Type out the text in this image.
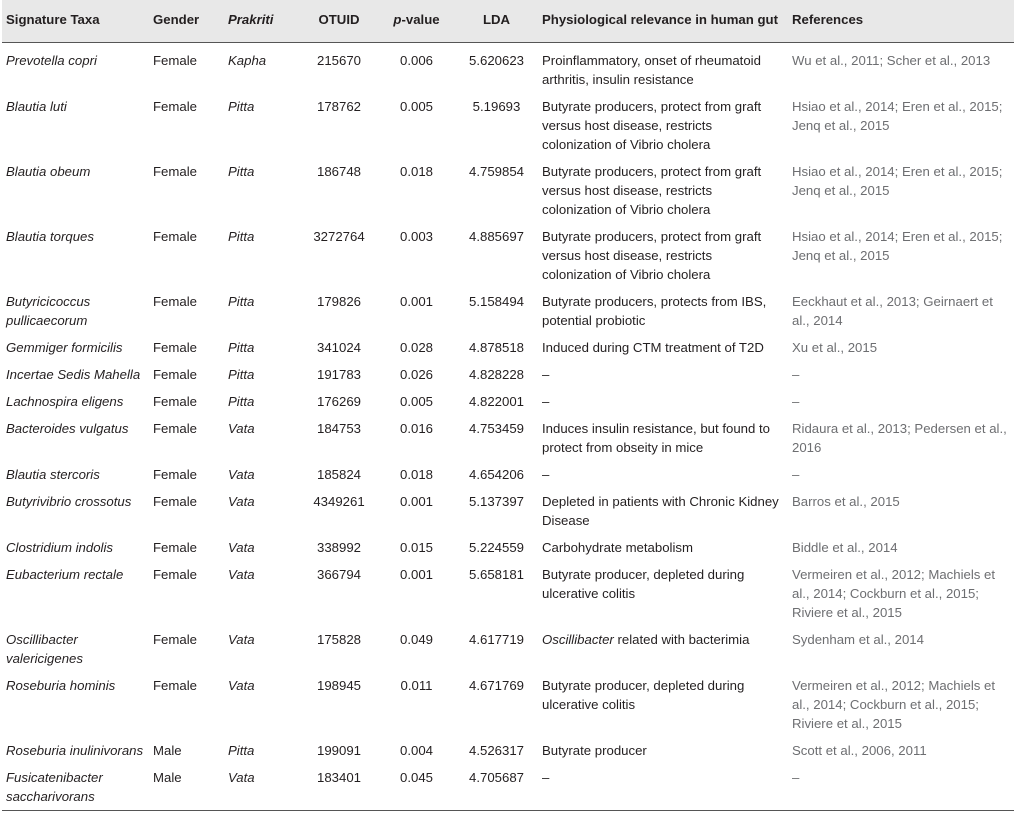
Signature Taxa	Gender	Prakriti	OTUID	p-value	LDA	Physiological relevance in human gut	References
Prevotella copri	Female	Kapha	215670	0.006	5.620623	Proinflammatory, onset of rheumatoid arthritis, insulin resistance	Wu et al., 2011; Scher et al., 2013
Blautia luti	Female	Pitta	178762	0.005	5.19693	Butyrate producers, protect from graft versus host disease, restricts colonization of Vibrio cholera	Hsiao et al., 2014; Eren et al., 2015; Jenq et al., 2015
Blautia obeum	Female	Pitta	186748	0.018	4.759854	Butyrate producers, protect from graft versus host disease, restricts colonization of Vibrio cholera	Hsiao et al., 2014; Eren et al., 2015; Jenq et al., 2015
Blautia torques	Female	Pitta	3272764	0.003	4.885697	Butyrate producers, protect from graft versus host disease, restricts colonization of Vibrio cholera	Hsiao et al., 2014; Eren et al., 2015; Jenq et al., 2015
Butyricicoccus pullicaecorum	Female	Pitta	179826	0.001	5.158494	Butyrate producers, protects from IBS, potential probiotic	Eeckhaut et al., 2013; Geirnaert et al., 2014
Gemmiger formicilis	Female	Pitta	341024	0.028	4.878518	Induced during CTM treatment of T2D	Xu et al., 2015
Incertae Sedis Mahella	Female	Pitta	191783	0.026	4.828228	–	–
Lachnospira eligens	Female	Pitta	176269	0.005	4.822001	–	–
Bacteroides vulgatus	Female	Vata	184753	0.016	4.753459	Induces insulin resistance, but found to protect from obseity in mice	Ridaura et al., 2013; Pedersen et al., 2016
Blautia stercoris	Female	Vata	185824	0.018	4.654206	–	–
Butyrivibrio crossotus	Female	Vata	4349261	0.001	5.137397	Depleted in patients with Chronic Kidney Disease	Barros et al., 2015
Clostridium indolis	Female	Vata	338992	0.015	5.224559	Carbohydrate metabolism	Biddle et al., 2014
Eubacterium rectale	Female	Vata	366794	0.001	5.658181	Butyrate producer, depleted during ulcerative colitis	Vermeiren et al., 2012; Machiels et al., 2014; Cockburn et al., 2015; Riviere et al., 2015
Oscillibacter valericigenes	Female	Vata	175828	0.049	4.617719	Oscillibacter related with bacterimia	Sydenham et al., 2014
Roseburia hominis	Female	Vata	198945	0.011	4.671769	Butyrate producer, depleted during ulcerative colitis	Vermeiren et al., 2012; Machiels et al., 2014; Cockburn et al., 2015; Riviere et al., 2015
Roseburia inulinivorans	Male	Pitta	199091	0.004	4.526317	Butyrate producer	Scott et al., 2006, 2011
Fusicatenibacter saccharivorans	Male	Vata	183401	0.045	4.705687	–	–
